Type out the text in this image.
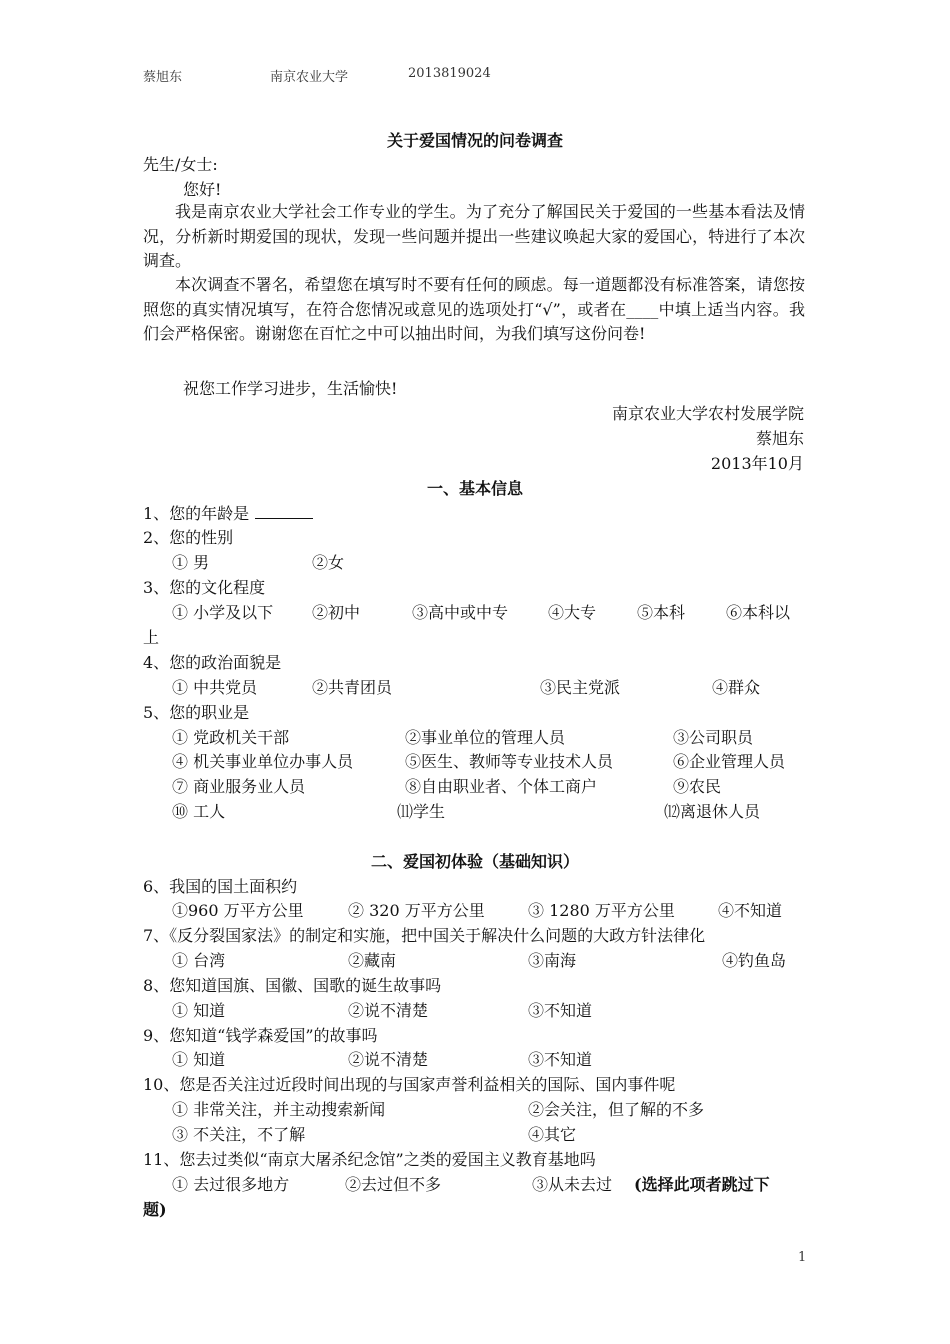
蔡旭东	南京农业大学	2013819024
关于爱国情况的问卷调查
先生/女士:
您好!
我是南京农业大学社会工作专业的学生。为了充分了解国民关于爱国的一些基本看法及情况，分析新时期爱国的现状，发现一些问题并提出一些建议唤起大家的爱国心，特进行了本次调查。
本次调查不署名，希望您在填写时不要有任何的顾虑。每一道题都没有标准答案，请您按照您的真实情况填写，在符合您情况或意见的选项处打“√”，或者在____中填上适当内容。我们会严格保密。谢谢您在百忙之中可以抽出时间，为我们填写这份问卷!
祝您工作学习进步，生活愉快!
南京农业大学农村发展学院
蔡旭东
2013年10月
一、基本信息
1、您的年龄是
2、您的性别
① 男	②女
3、您的文化程度
① 小学及以下 ②初中	③高中或中专 ④大专	⑤本科	⑥本科以
上
4、您的政治面貌是
① 中共党员	②共青团员	③民主党派	④群众
5、您的职业是
① 党政机关干部	②事业单位的管理人员	③公司职员
④ 机关事业单位办事人员	⑤医生、教师等专业技术人员	⑥企业管理人员
⑦ 商业服务业人员	⑧自由职业者、个体工商户	⑨农民
⑩ 工人	⑾学生	⑿离退休人员
二、爱国初体验（基础知识）
6、我国的国土面积约
①960 万平方公里	② 320 万平方公里	③ 1280 万平方公里	④不知道
7、《反分裂国家法》的制定和实施，把中国关于解决什么问题的大政方针法律化
① 台湾	②藏南	③南海	④钓鱼岛
8、您知道国旗、国徽、国歌的诞生故事吗
① 知道	②说不清楚	③不知道
9、您知道“钱学森爱国”的故事吗
① 知道	②说不清楚	③不知道
10、您是否关注过近段时间出现的与国家声誉利益相关的国际、国内事件呢
① 非常关注，并主动搜索新闻	②会关注，但了解的不多
③ 不关注，不了解	④其它
11、您去过类似“南京大屠杀纪念馆”之类的爱国主义教育基地吗
① 去过很多地方	②去过但不多	③从未去过 (选择此项者跳过下
题)
1
